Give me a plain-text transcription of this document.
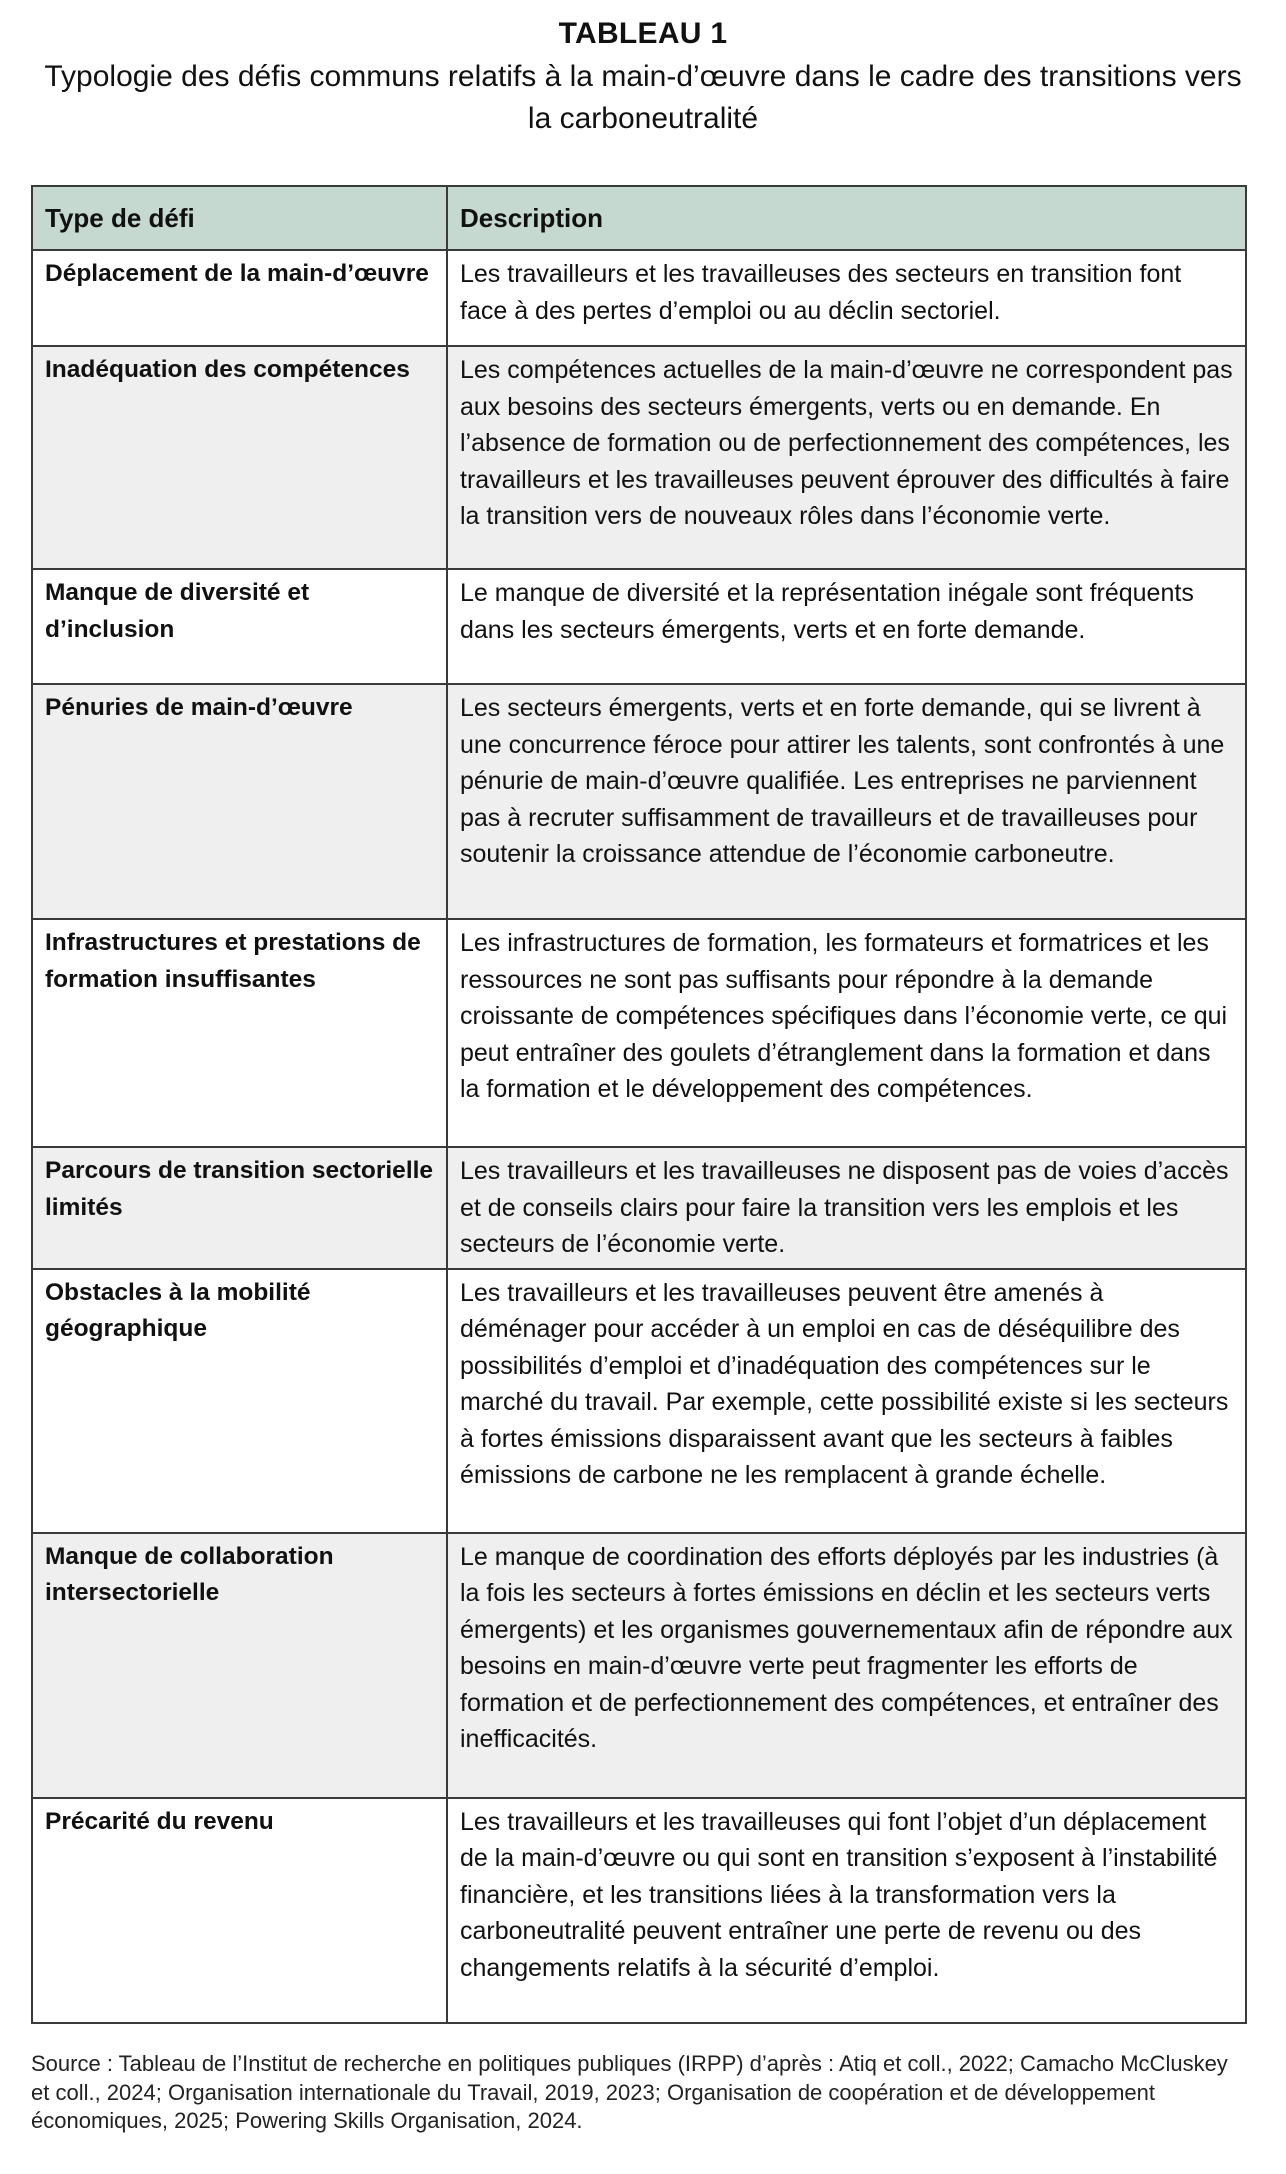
TABLEAU 1
Typologie des défis communs relatifs à la main-d’œuvre dans le cadre des transitions vers la carboneutralité
Type de défi	Description
Déplacement de la main-d’œuvre	Les travailleurs et les travailleuses des secteurs en transition font face à des pertes d’emploi ou au déclin sectoriel.
Inadéquation des compétences	Les compétences actuelles de la main-d’œuvre ne correspondent pas aux besoins des secteurs émergents, verts ou en demande. En l’absence de formation ou de perfectionnement des compétences, les travailleurs et les travailleuses peuvent éprouver des difficultés à faire la transition vers de nouveaux rôles dans l’économie verte.
Manque de diversité et d’inclusion	Le manque de diversité et la représentation inégale sont fréquents dans les secteurs émergents, verts et en forte demande.
Pénuries de main-d’œuvre	Les secteurs émergents, verts et en forte demande, qui se livrent à une concurrence féroce pour attirer les talents, sont confrontés à une pénurie de main-d’œuvre qualifiée. Les entreprises ne parviennent pas à recruter suffisamment de travailleurs et de travailleuses pour soutenir la croissance attendue de l’économie carboneutre.
Infrastructures et prestations de formation insuffisantes	Les infrastructures de formation, les formateurs et formatrices et les ressources ne sont pas suffisants pour répondre à la demande croissante de compétences spécifiques dans l’économie verte, ce qui peut entraîner des goulets d’étranglement dans la formation et dans la formation et le développement des compétences.
Parcours de transition sectorielle limités	Les travailleurs et les travailleuses ne disposent pas de voies d’accès et de conseils clairs pour faire la transition vers les emplois et les secteurs de l’économie verte.
Obstacles à la mobilité géographique	Les travailleurs et les travailleuses peuvent être amenés à déménager pour accéder à un emploi en cas de déséquilibre des possibilités d’emploi et d’inadéquation des compétences sur le marché du travail. Par exemple, cette possibilité existe si les secteurs à fortes émissions disparaissent avant que les secteurs à faibles émissions de carbone ne les remplacent à grande échelle.
Manque de collaboration intersectorielle	Le manque de coordination des efforts déployés par les industries (à la fois les secteurs à fortes émissions en déclin et les secteurs verts émergents) et les organismes gouvernementaux afin de répondre aux besoins en main-d’œuvre verte peut fragmenter les efforts de formation et de perfectionnement des compétences, et entraîner des inefficacités.
Précarité du revenu	Les travailleurs et les travailleuses qui font l’objet d’un déplacement de la main-d’œuvre ou qui sont en transition s’exposent à l’instabilité financière, et les transitions liées à la transformation vers la carboneutralité peuvent entraîner une perte de revenu ou des changements relatifs à la sécurité d’emploi.
Source : Tableau de l’Institut de recherche en politiques publiques (IRPP) d’après : Atiq et coll., 2022; Camacho McCluskey et coll., 2024; Organisation internationale du Travail, 2019, 2023; Organisation de coopération et de développement économiques, 2025; Powering Skills Organisation, 2024.
